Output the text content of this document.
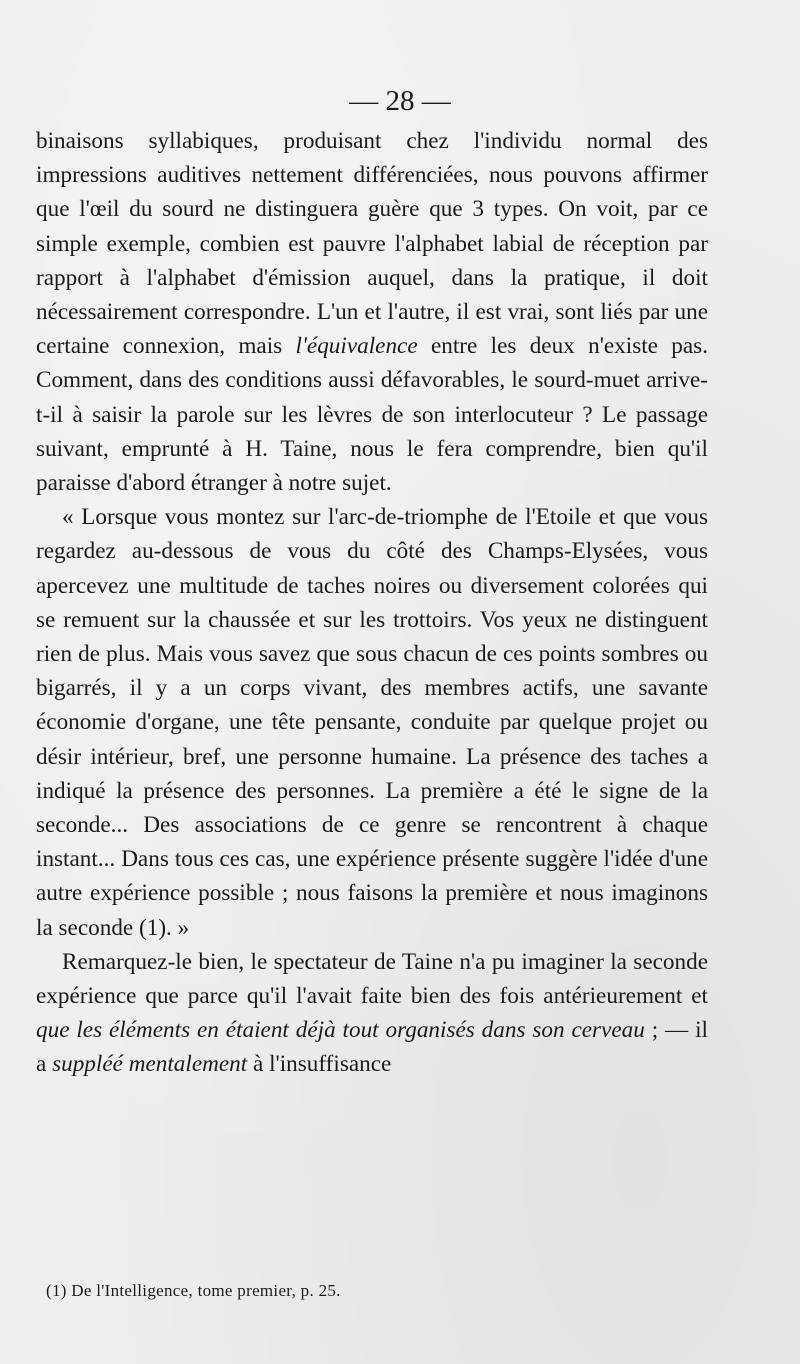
— 28 —

binaisons syllabiques, produisant chez l'individu normal des impressions auditives nettement différenciées, nous pouvons affirmer que l'œil du sourd ne distinguera guère que 3 types. On voit, par ce simple exemple, combien est pauvre l'alphabet labial de réception par rapport à l'alphabet d'émission auquel, dans la pratique, il doit nécessairement correspondre. L'un et l'autre, il est vrai, sont liés par une certaine connexion, mais l'équivalence entre les deux n'existe pas. Comment, dans des conditions aussi défavorables, le sourd-muet arrive-t-il à saisir la parole sur les lèvres de son interlocuteur ? Le passage suivant, emprunté à H. Taine, nous le fera comprendre, bien qu'il paraisse d'abord étranger à notre sujet.

« Lorsque vous montez sur l'arc-de-triomphe de l'Etoile et que vous regardez au-dessous de vous du côté des Champs-Elysées, vous apercevez une multitude de taches noires ou diversement colorées qui se remuent sur la chaussée et sur les trottoirs. Vos yeux ne distinguent rien de plus. Mais vous savez que sous chacun de ces points sombres ou bigarrés, il y a un corps vivant, des membres actifs, une savante économie d'organe, une tête pensante, conduite par quelque projet ou désir intérieur, bref, une personne humaine. La présence des taches a indiqué la présence des personnes. La première a été le signe de la seconde... Des associations de ce genre se rencontrent à chaque instant... Dans tous ces cas, une expérience présente suggère l'idée d'une autre expérience possible ; nous faisons la première et nous imaginons la seconde (1). »

Remarquez-le bien, le spectateur de Taine n'a pu imaginer la seconde expérience que parce qu'il l'avait faite bien des fois antérieurement et que les éléments en étaient déjà tout organisés dans son cerveau ; — il a suppléé mentalement à l'insuffisance

(1) De l'Intelligence, tome premier, p. 25.
